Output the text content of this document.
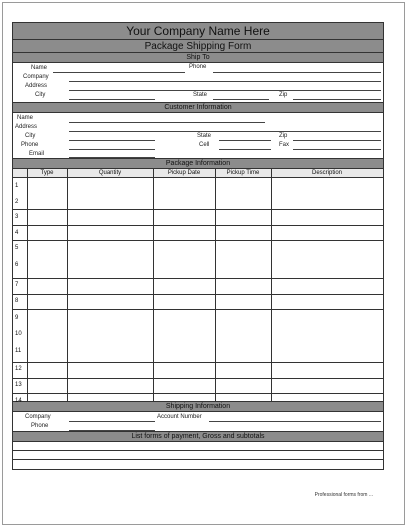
Your Company Name Here
Package Shipping Form
Ship To
Name	Phone
Company
Address
City	State	Zip
Customer Information
Name
Address
City	State	Zip
Phone	Cell	Fax
Email
Package Information
Type	Quantity	Pickup Date	Pickup Time	Description
1
2
3
4
5
6
7
8
9
10
11
12
13
14
Shipping Information
Company	Account Number
Phone
List forms of payment, Gross and subtotals
Professional forms from ...
